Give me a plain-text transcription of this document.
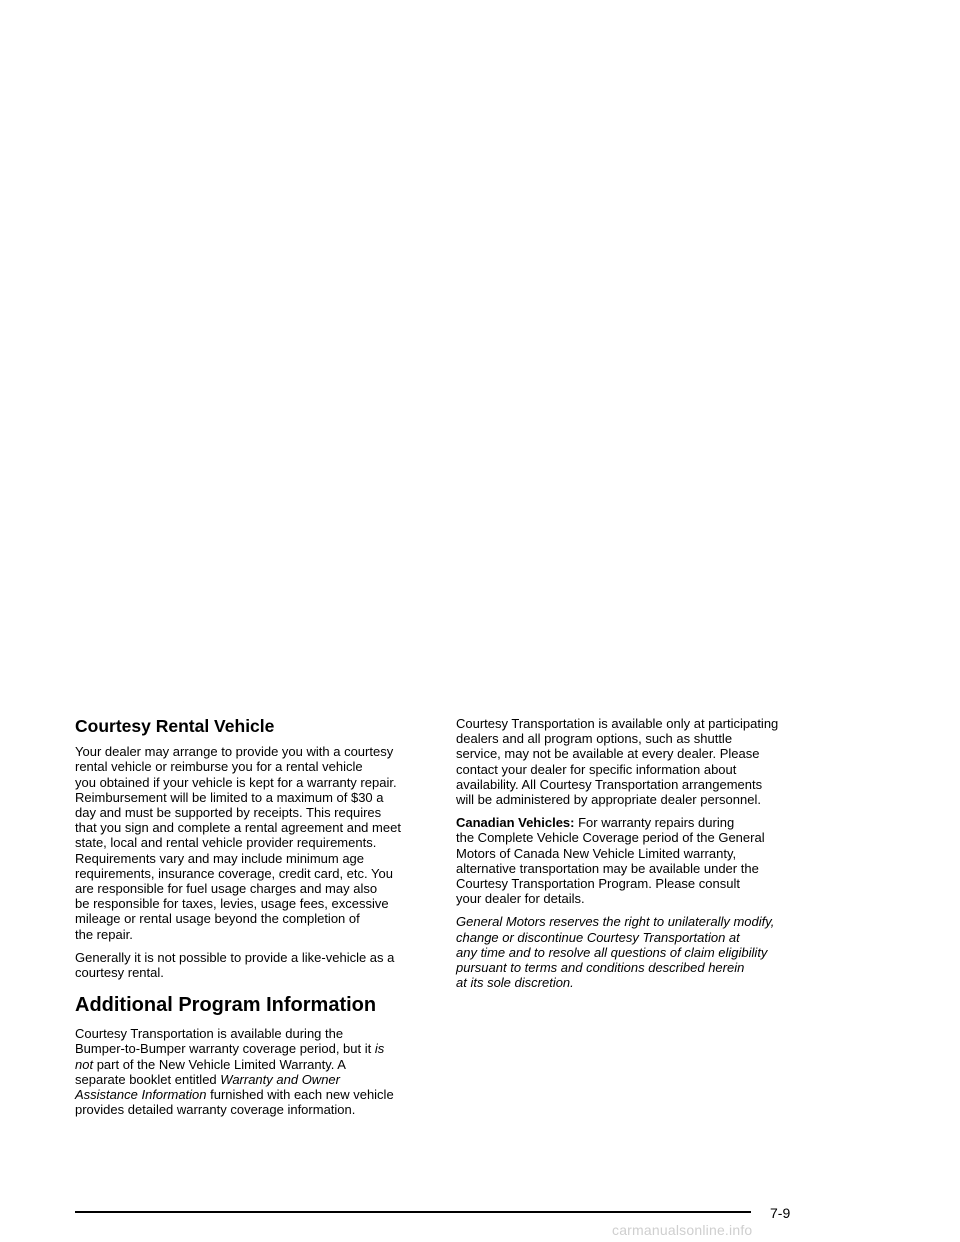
Courtesy Rental Vehicle

Your dealer may arrange to provide you with a courtesy
rental vehicle or reimburse you for a rental vehicle
you obtained if your vehicle is kept for a warranty repair.
Reimbursement will be limited to a maximum of $30 a
day and must be supported by receipts. This requires
that you sign and complete a rental agreement and meet
state, local and rental vehicle provider requirements.
Requirements vary and may include minimum age
requirements, insurance coverage, credit card, etc. You
are responsible for fuel usage charges and may also
be responsible for taxes, levies, usage fees, excessive
mileage or rental usage beyond the completion of
the repair.

Generally it is not possible to provide a like-vehicle as a
courtesy rental.

Additional Program Information

Courtesy Transportation is available during the
Bumper-to-Bumper warranty coverage period, but it is
not part of the New Vehicle Limited Warranty. A
separate booklet entitled Warranty and Owner
Assistance Information furnished with each new vehicle
provides detailed warranty coverage information.

Courtesy Transportation is available only at participating
dealers and all program options, such as shuttle
service, may not be available at every dealer. Please
contact your dealer for specific information about
availability. All Courtesy Transportation arrangements
will be administered by appropriate dealer personnel.

Canadian Vehicles: For warranty repairs during
the Complete Vehicle Coverage period of the General
Motors of Canada New Vehicle Limited warranty,
alternative transportation may be available under the
Courtesy Transportation Program. Please consult
your dealer for details.

General Motors reserves the right to unilaterally modify,
change or discontinue Courtesy Transportation at
any time and to resolve all questions of claim eligibility
pursuant to terms and conditions described herein
at its sole discretion.

7-9
carmanualsonline.info
